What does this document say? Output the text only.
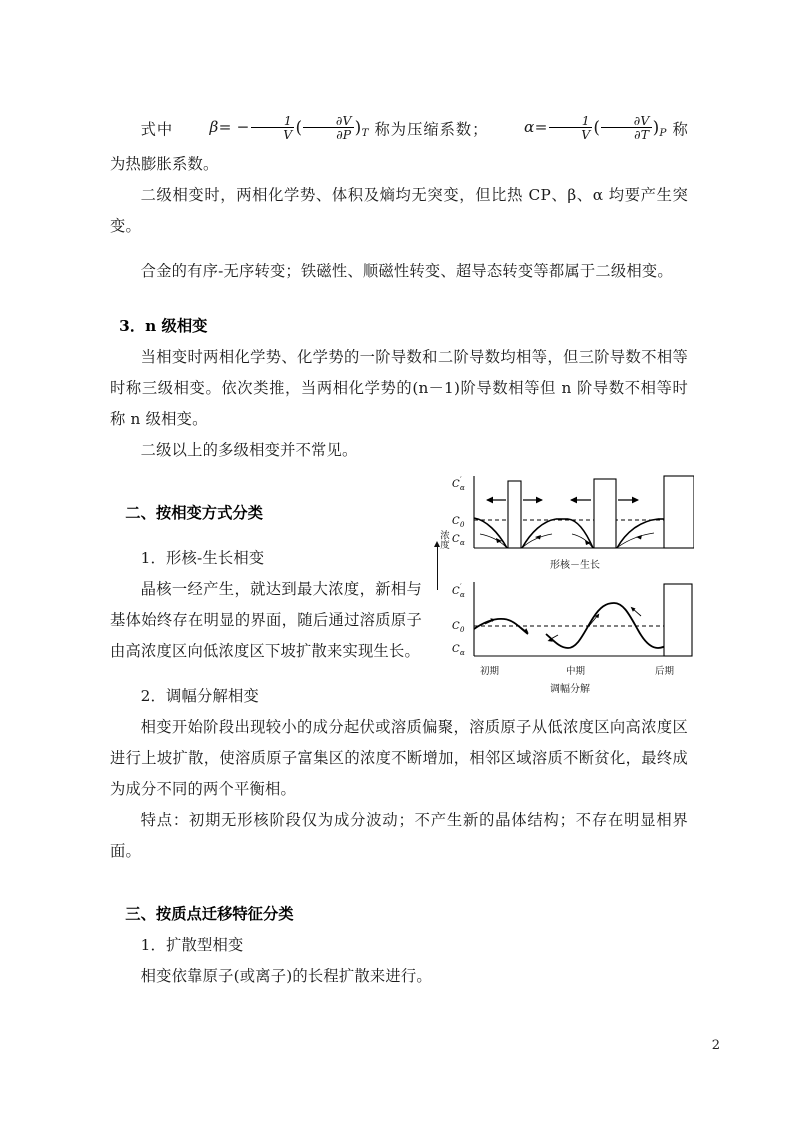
式中 $\beta= - \frac{1}{V}$ ( $\frac{\partial V}{\partial P} )_T$ 称为压缩系数； $\alpha= \frac{1}{V}$ ( $\frac{\partial V}{\partial T} )_P$ 称为热膨胀系数。

二级相变时，两相化学势、体积及熵均无突变，但比热 CP、β、α 均要产生突变。

合金的有序-无序转变；铁磁性、顺磁性转变、超导态转变等都属于二级相变。

3．n 级相变

当相变时两相化学势、化学势的一阶导数和二阶导数均相等，但三阶导数不相等时称三级相变。依次类推，当两相化学势的(n－1)阶导数相等但 n 阶导数不相等时称 n 级相变。

二级以上的多级相变并不常见。

二、按相变方式分类

1．形核-生长相变

晶核一经产生，就达到最大浓度，新相与基体始终存在明显的界面，随后通过溶质原子由高浓度区向低浓度区下坡扩散来实现生长。

2．调幅分解相变

相变开始阶段出现较小的成分起伏或溶质偏聚，溶质原子从低浓度区向高浓度区进行上坡扩散，使溶质原子富集区的浓度不断增加，相邻区域溶质不断贫化，最终成为成分不同的两个平衡相。

特点：初期无形核阶段仅为成分波动；不产生新的晶体结构；不存在明显相界面。

三、按质点迁移特征分类

1．扩散型相变

相变依靠原子(或离子)的长程扩散来进行。

浓度
C ′
α
C 0
C α
形核－生长
C ′
α
C 0
C α
初期	中期	后期
调幅分解
2
